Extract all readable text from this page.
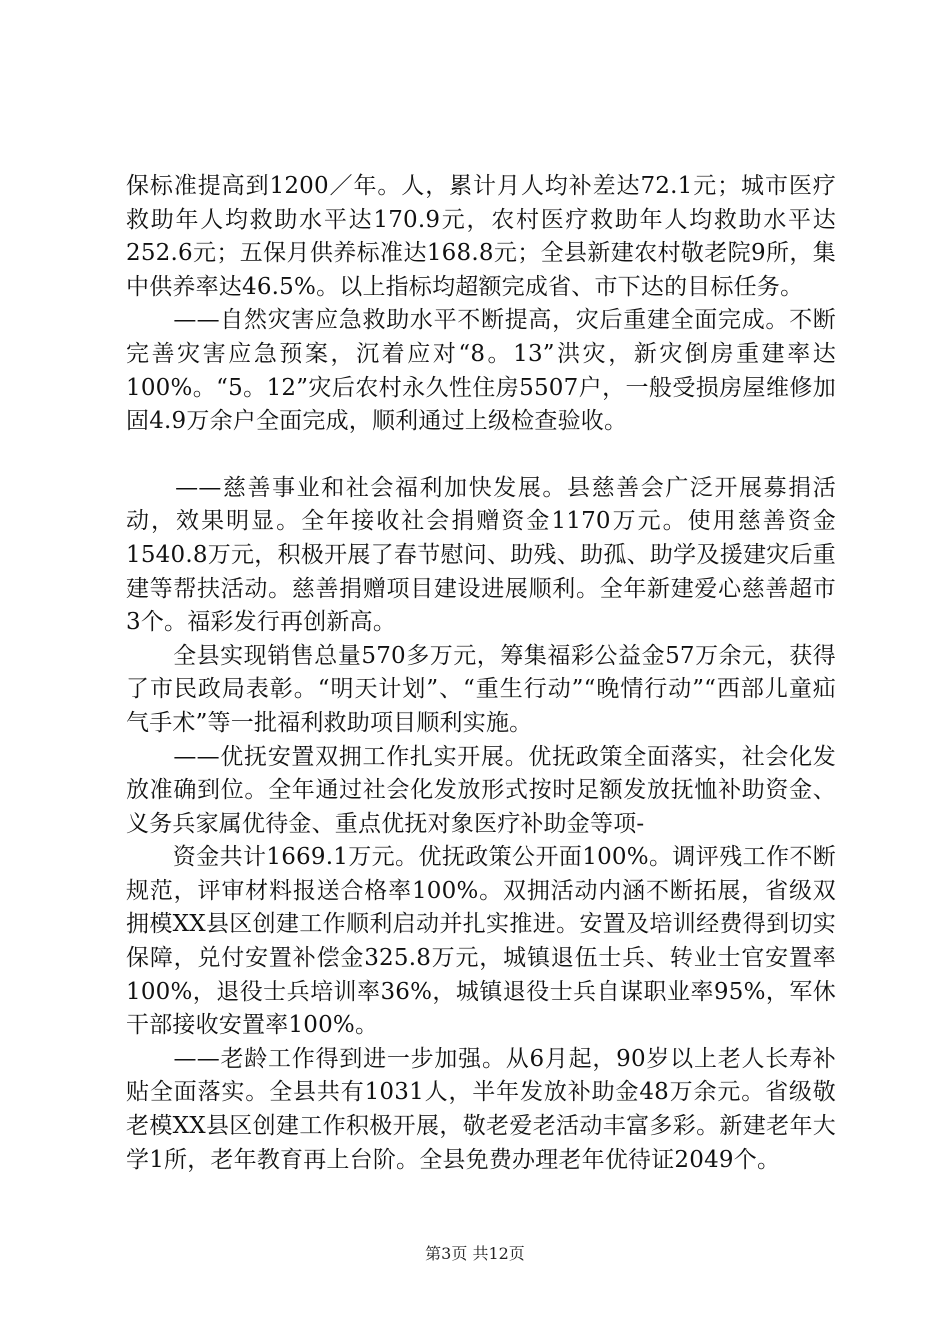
保标准提高到1200／年。人，累计月人均补差达72.1元；城市医疗救助年人均救助水平达170.9元，农村医疗救助年人均救助水平达252.6元；五保月供养标准达168.8元；全县新建农村敬老院9所，集中供养率达46.5%。以上指标均超额完成省、市下达的目标任务。

　　——自然灾害应急救助水平不断提高，灾后重建全面完成。不断完善灾害应急预案，沉着应对“8。13”洪灾，新灾倒房重建率达100%。“5。12”灾后农村永久性住房5507户，一般受损房屋维修加固4.9万余户全面完成，顺利通过上级检查验收。

　　——慈善事业和社会福利加快发展。县慈善会广泛开展募捐活动，效果明显。全年接收社会捐赠资金1170万元。使用慈善资金1540.8万元，积极开展了春节慰问、助残、助孤、助学及援建灾后重建等帮扶活动。慈善捐赠项目建设进展顺利。全年新建爱心慈善超市3个。福彩发行再创新高。

　　全县实现销售总量570多万元，筹集福彩公益金57万余元，获得了市民政局表彰。“明天计划”、“重生行动”“晚情行动”“西部儿童疝气手术”等一批福利救助项目顺利实施。

　　——优抚安置双拥工作扎实开展。优抚政策全面落实，社会化发放准确到位。全年通过社会化发放形式按时足额发放抚恤补助资金、义务兵家属优待金、重点优抚对象医疗补助金等项-

　　资金共计1669.1万元。优抚政策公开面100%。调评残工作不断规范，评审材料报送合格率100%。双拥活动内涵不断拓展，省级双拥模XX县区创建工作顺利启动并扎实推进。安置及培训经费得到切实保障，兑付安置补偿金325.8万元，城镇退伍士兵、转业士官安置率100%，退役士兵培训率36%，城镇退役士兵自谋职业率95%，军休干部接收安置率100%。

　　——老龄工作得到进一步加强。从6月起，90岁以上老人长寿补贴全面落实。全县共有1031人，半年发放补助金48万余元。省级敬老模XX县区创建工作积极开展，敬老爱老活动丰富多彩。新建老年大学1所，老年教育再上台阶。全县免费办理老年优待证2049个。

第3页 共12页
